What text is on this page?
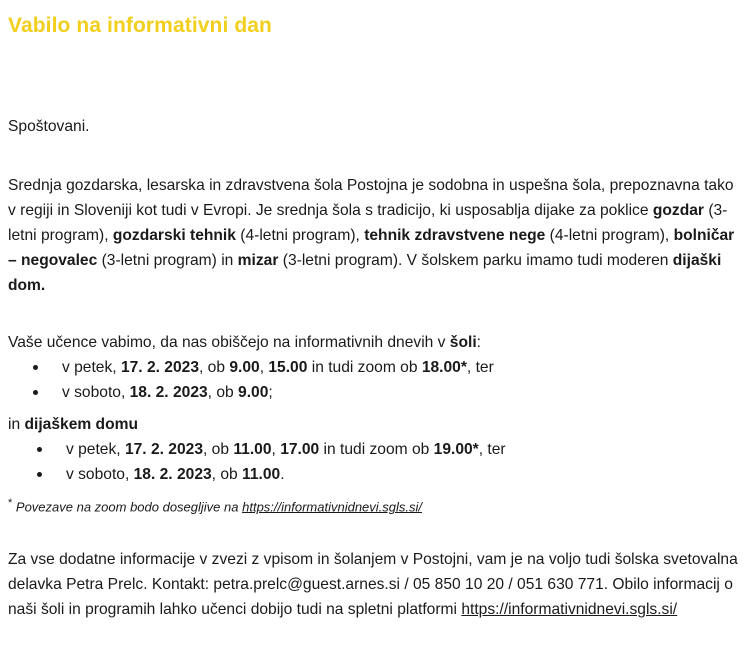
Vabilo na informativni dan

Spoštovani.

Srednja gozdarska, lesarska in zdravstvena šola Postojna je sodobna in uspešna šola, prepoznavna tako v regiji in Sloveniji kot tudi v Evropi. Je srednja šola s tradicijo, ki usposablja dijake za poklice gozdar (3-letni program), gozdarski tehnik (4-letni program), tehnik zdravstvene nege (4-letni program), bolničar – negovalec (3-letni program) in mizar (3-letni program). V šolskem parku imamo tudi moderen dijaški dom.

Vaše učence vabimo, da nas obiščejo na informativnih dnevih v šoli:

v petek, 17. 2. 2023, ob 9.00, 15.00 in tudi zoom ob 18.00*, ter
v soboto, 18. 2. 2023, ob 9.00;
in dijaškem domu
v petek, 17. 2. 2023, ob 11.00, 17.00 in tudi zoom ob 19.00*, ter
v soboto, 18. 2. 2023, ob 11.00.
* Povezave na zoom bodo dosegljive na https://informativnidnevi.sgls.si/

Za vse dodatne informacije v zvezi z vpisom in šolanjem v Postojni, vam je na voljo tudi šolska svetovalna delavka Petra Prelc. Kontakt: petra.prelc@guest.arnes.si / 05 850 10 20 / 051 630 771. Obilo informacij o naši šoli in programih lahko učenci dobijo tudi na spletni platformi https://informativnidnevi.sgls.si/
